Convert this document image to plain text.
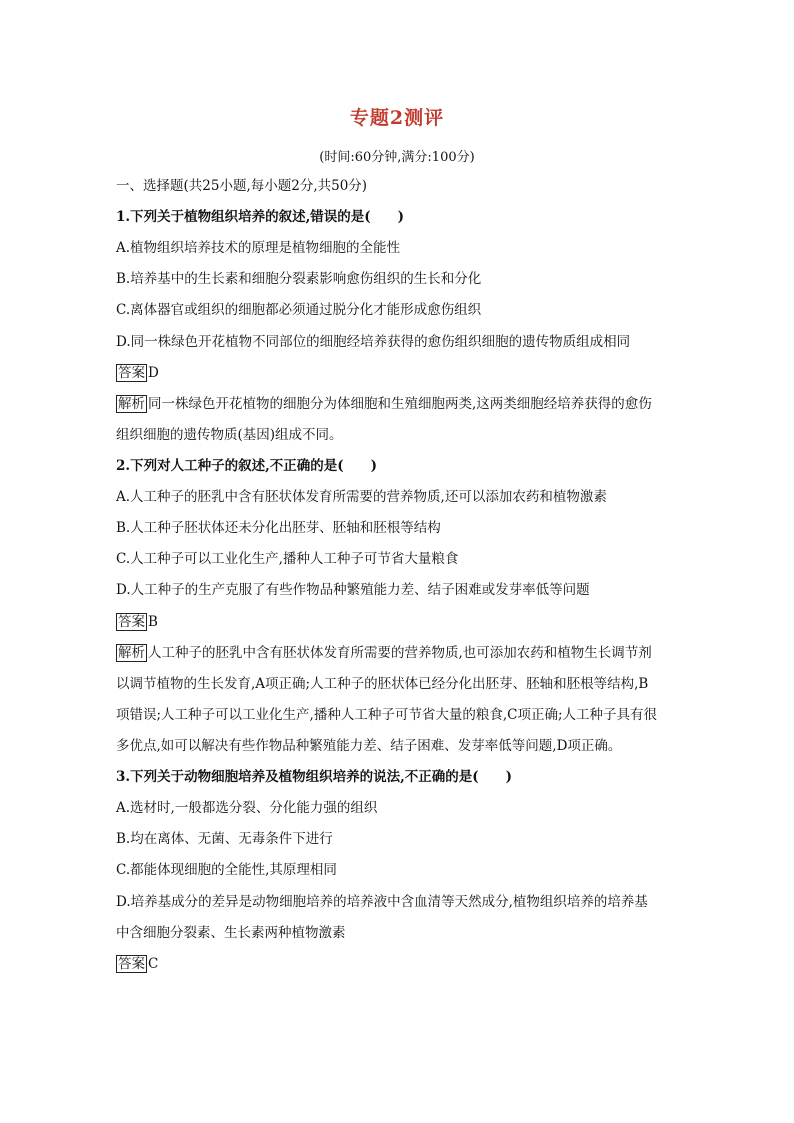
专题2测评
(时间:60分钟,满分:100分)
一、选择题(共25小题,每小题2分,共50分)
1.下列关于植物组织培养的叙述,错误的是(　　)
A.植物组织培养技术的原理是植物细胞的全能性
B.培养基中的生长素和细胞分裂素影响愈伤组织的生长和分化
C.离体器官或组织的细胞都必须通过脱分化才能形成愈伤组织
D.同一株绿色开花植物不同部位的细胞经培养获得的愈伤组织细胞的遗传物质组成相同
答案 D
解析 同一株绿色开花植物的细胞分为体细胞和生殖细胞两类,这两类细胞经培养获得的愈伤
组织细胞的遗传物质(基因)组成不同。
2.下列对人工种子的叙述,不正确的是(　　)
A.人工种子的胚乳中含有胚状体发育所需要的营养物质,还可以添加农药和植物激素
B.人工种子胚状体还未分化出胚芽、胚轴和胚根等结构
C.人工种子可以工业化生产,播种人工种子可节省大量粮食
D.人工种子的生产克服了有些作物品种繁殖能力差、结子困难或发芽率低等问题
答案 B
解析 人工种子的胚乳中含有胚状体发育所需要的营养物质,也可添加农药和植物生长调节剂
以调节植物的生长发育,A项正确;人工种子的胚状体已经分化出胚芽、胚轴和胚根等结构,B
项错误;人工种子可以工业化生产,播种人工种子可节省大量的粮食,C项正确;人工种子具有很
多优点,如可以解决有些作物品种繁殖能力差、结子困难、发芽率低等问题,D项正确。
3.下列关于动物细胞培养及植物组织培养的说法,不正确的是(　　)
A.选材时,一般都选分裂、分化能力强的组织
B.均在离体、无菌、无毒条件下进行
C.都能体现细胞的全能性,其原理相同
D.培养基成分的差异是动物细胞培养的培养液中含血清等天然成分,植物组织培养的培养基
中含细胞分裂素、生长素两种植物激素
答案 C
